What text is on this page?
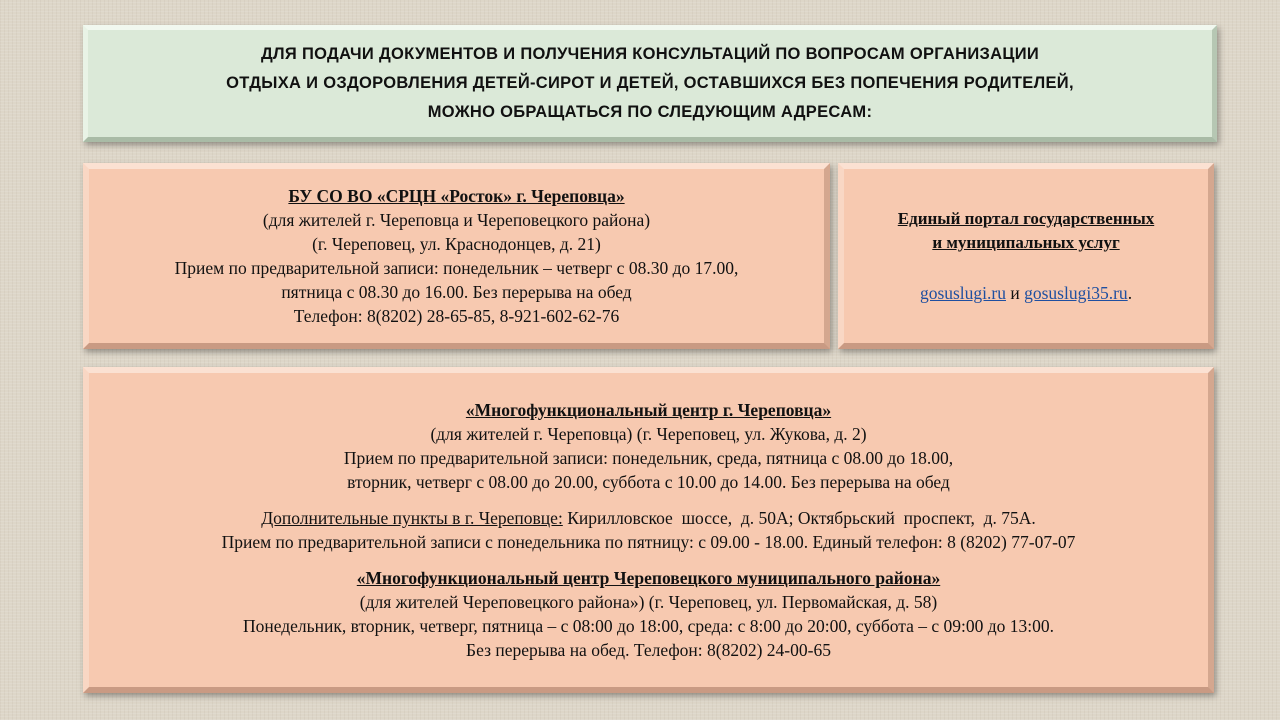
ДЛЯ ПОДАЧИ ДОКУМЕНТОВ И ПОЛУЧЕНИЯ КОНСУЛЬТАЦИЙ ПО ВОПРОСАМ ОРГАНИЗАЦИИ
ОТДЫХА И ОЗДОРОВЛЕНИЯ ДЕТЕЙ-СИРОТ И ДЕТЕЙ, ОСТАВШИХСЯ БЕЗ ПОПЕЧЕНИЯ РОДИТЕЛЕЙ,
МОЖНО ОБРАЩАТЬСЯ ПО СЛЕДУЮЩИМ АДРЕСАМ:
БУ СО ВО «СРЦН «Росток» г. Череповца»
(для жителей г. Череповца и Череповецкого района)
(г. Череповец, ул. Краснодонцев, д. 21)
Прием по предварительной записи: понедельник – четверг с 08.30 до 17.00,
пятница с 08.30 до 16.00. Без перерыва на обед
Телефон: 8(8202) 28-65-85, 8-921-602-62-76
Единый портал государственных
и муниципальных услуг
gosuslugi.ru и gosuslugi35.ru.
«Многофункциональный центр г. Череповца»
(для жителей г. Череповца) (г. Череповец, ул. Жукова, д. 2)
Прием по предварительной записи: понедельник, среда, пятница с 08.00 до 18.00,
вторник, четверг с 08.00 до 20.00, суббота с 10.00 до 14.00. Без перерыва на обед
Дополнительные пункты в г. Череповце: Кирилловское  шоссе,  д. 50А; Октябрьский  проспект,  д. 75А.
Прием по предварительной записи с понедельника по пятницу: с 09.00 - 18.00. Единый телефон: 8 (8202) 77-07-07
«Многофункциональный центр Череповецкого муниципального района»
(для жителей Череповецкого района») (г. Череповец, ул. Первомайская, д. 58)
Понедельник, вторник, четверг, пятница – с 08:00 до 18:00, среда: с 8:00 до 20:00, суббота – с 09:00 до 13:00.
Без перерыва на обед. Телефон: 8(8202) 24-00-65
